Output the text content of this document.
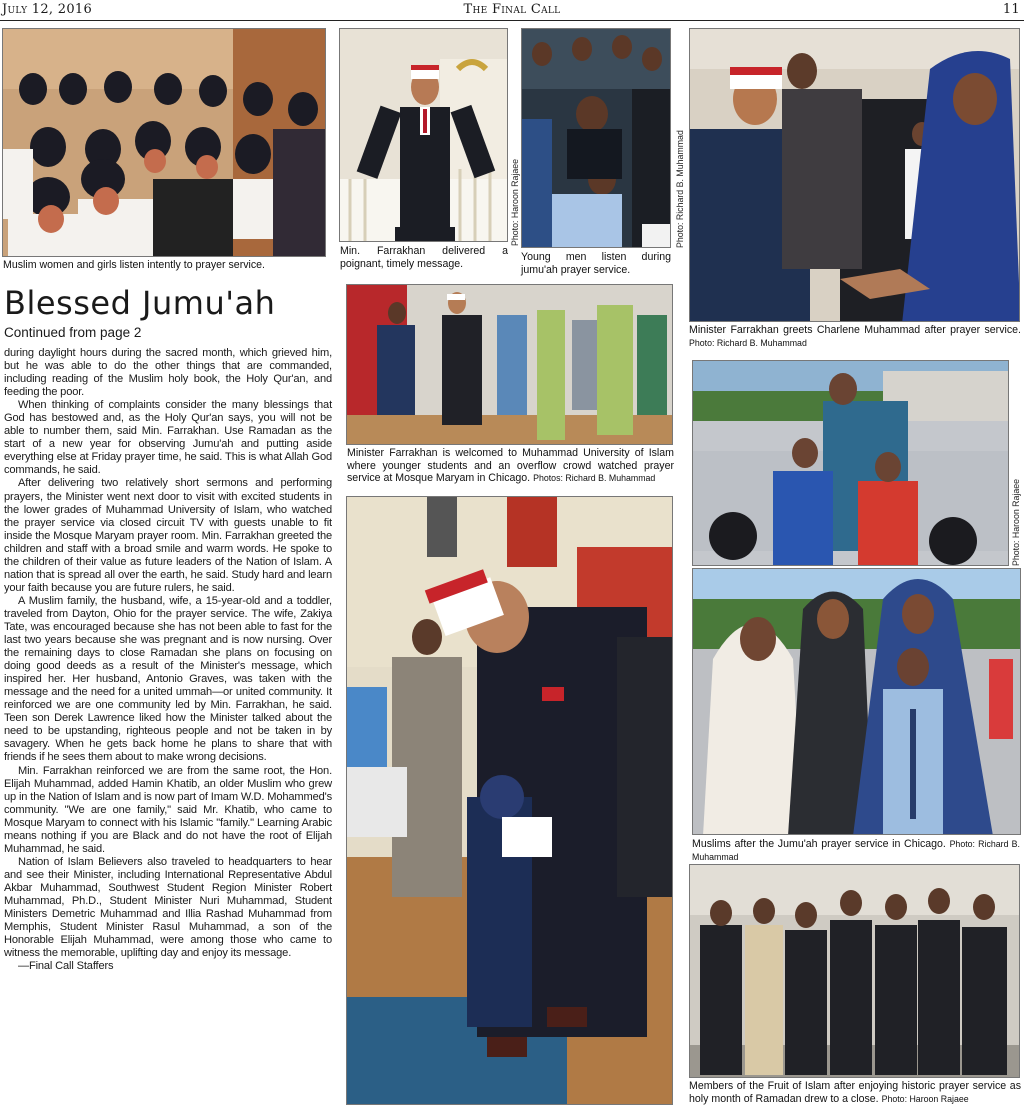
The Final Call
July 12, 2016	11
Muslim women and girls listen intently to prayer service.
Min. Farrakhan delivered a poignant, timely message.
Photo: Haroon Rajaee
Young men listen during jumu'ah prayer service.
Photo: Richard B. Muhammad
Minister Farrakhan greets Charlene Muhammad after prayer service. Photo: Richard B. Muhammad
Blessed Jumu'ah

Continued from page 2

during daylight hours during the sacred month, which grieved him, but he was able to do the other things that are commanded, including reading of the Muslim holy book, the Holy Qur'an, and feeding the poor.

When thinking of complaints consider the many blessings that God has bestowed and, as the Holy Qur'an says, you will not be able to number them, said Min. Farrakhan. Use Ramadan as the start of a new year for observing Jumu'ah and putting aside everything else at Friday prayer time, he said. This is what Allah God commands, he said.

After delivering two relatively short sermons and performing prayers, the Minister went next door to visit with excited students in the lower grades of Muhammad University of Islam, who watched the prayer service via closed circuit TV with guests unable to fit inside the Mosque Maryam prayer room. Min. Farrakhan greeted the children and staff with a broad smile and warm words. He spoke to the children of their value as future leaders of the Nation of Islam. A nation that is spread all over the earth, he said. Study hard and learn your faith because you are future rulers, he said.

A Muslim family, the husband, wife, a 15-year-old and a toddler, traveled from Dayton, Ohio for the prayer service. The wife, Zakiya Tate, was encouraged because she has not been able to fast for the last two years because she was pregnant and is now nursing. Over the remaining days to close Ramadan she plans on focusing on doing good deeds as a result of the Minister's message, which inspired her. Her husband, Antonio Graves, was taken with the message and the need for a united ummah—or united community. It reinforced we are one community led by Min. Farrakhan, he said. Teen son Derek Lawrence liked how the Minister talked about the need to be upstanding, righteous people and not be taken in by savagery. When he gets back home he plans to share that with friends if he sees them about to make wrong decisions.

Min. Farrakhan reinforced we are from the same root, the Hon. Elijah Muhammad, added Hamin Khatib, an older Muslim who grew up in the Nation of Islam and is now part of Imam W.D. Mohammed's community. "We are one family," said Mr. Khatib, who came to Mosque Maryam to connect with his Islamic "family." Learning Arabic means nothing if you are Black and do not have the root of Elijah Muhammad, he said.

Nation of Islam Believers also traveled to headquarters to hear and see their Minister, including International Representative Abdul Akbar Muhammad, Southwest Student Region Minister Robert Muhammad, Ph.D., Student Minister Nuri Muhammad, Student Ministers Demetric Muhammad and Illia Rashad Muhammad from Memphis, Student Minister Rasul Muhammad, a son of the Honorable Elijah Muhammad, were among those who came to witness the memorable, uplifting day and enjoy its message.

—Final Call Staffers

Minister Farrakhan is welcomed to Muhammad University of Islam where younger students and an overflow crowd watched prayer service at Mosque Maryam in Chicago. Photos: Richard B. Muhammad
Photo: Haroon Rajaee
Muslims after the Jumu'ah prayer service in Chicago. Photo: Richard B. Muhammad
Members of the Fruit of Islam after enjoying historic prayer service as holy month of Ramadan drew to a close. Photo: Haroon Rajaee
